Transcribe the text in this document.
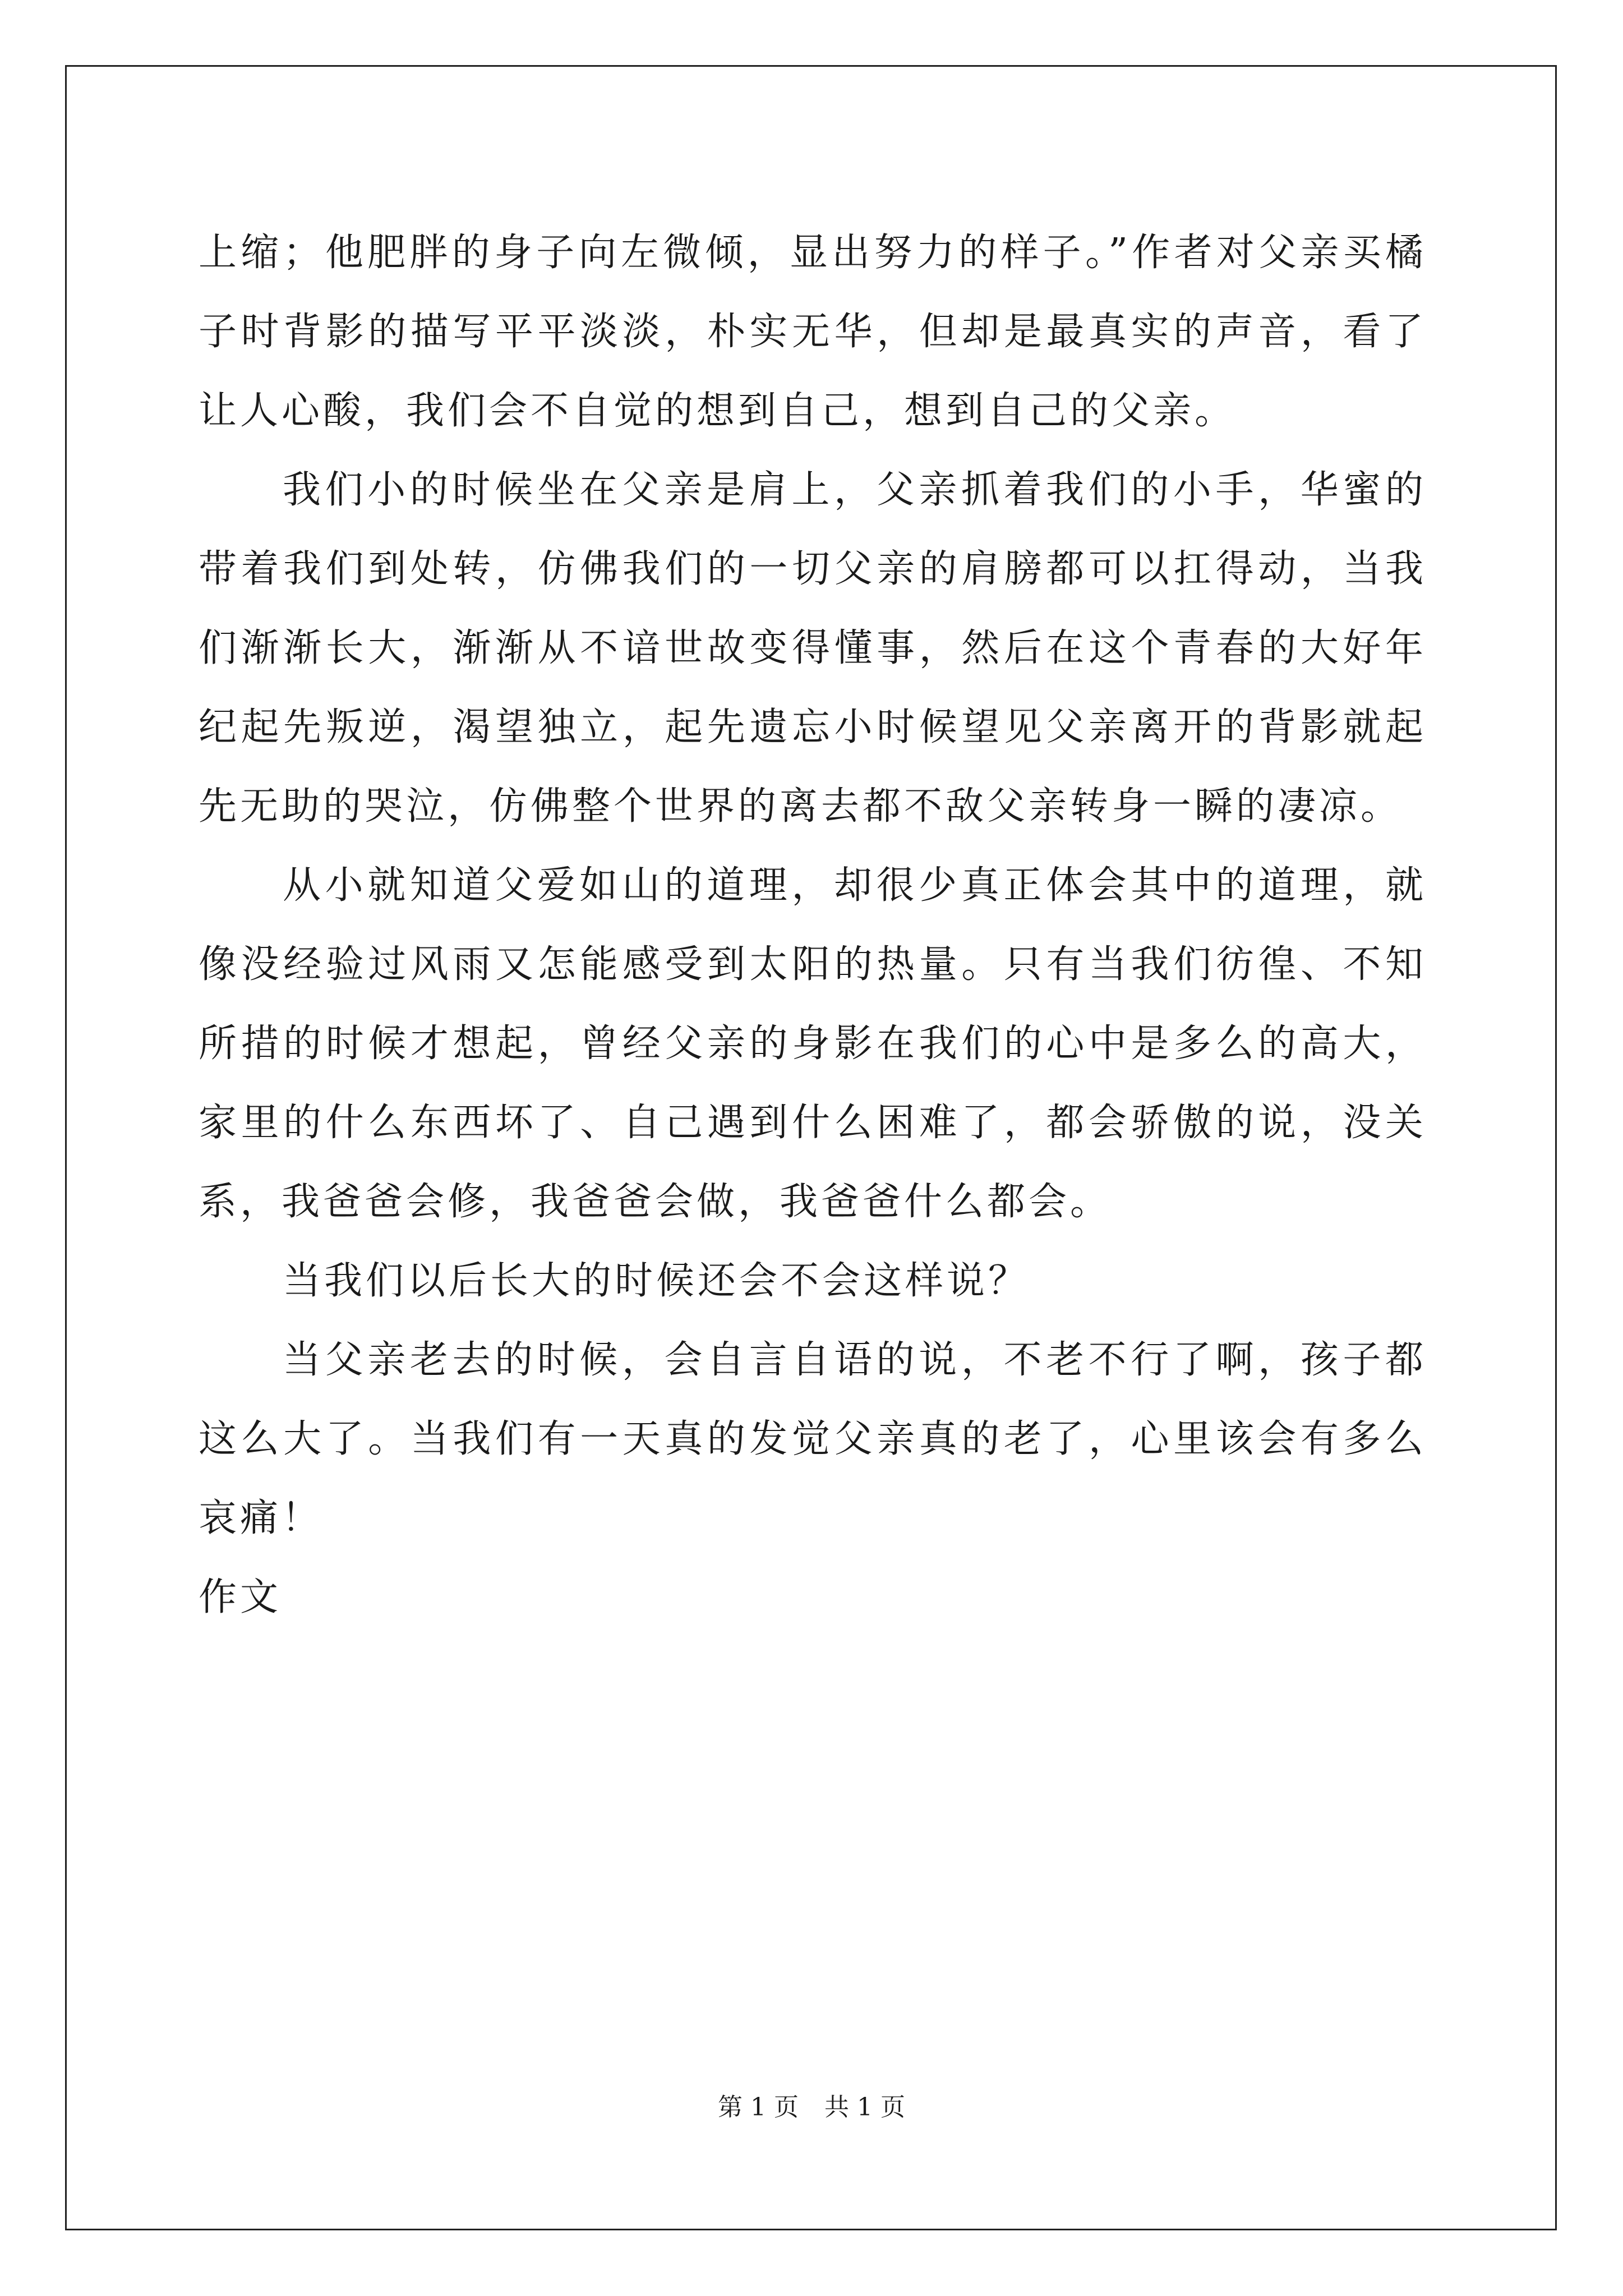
上缩；他肥胖的身子向左微倾，显出努力的样子。”作者对父亲买橘子时背影的描写平平淡淡，朴实无华，但却是最真实的声音，看了让人心酸，我们会不自觉的想到自己，想到自己的父亲。

我们小的时候坐在父亲是肩上，父亲抓着我们的小手，华蜜的带着我们到处转，仿佛我们的一切父亲的肩膀都可以扛得动，当我们渐渐长大，渐渐从不谙世故变得懂事，然后在这个青春的大好年纪起先叛逆，渴望独立，起先遗忘小时候望见父亲离开的背影就起先无助的哭泣，仿佛整个世界的离去都不敌父亲转身一瞬的凄凉。

从小就知道父爱如山的道理，却很少真正体会其中的道理，就像没经验过风雨又怎能感受到太阳的热量。只有当我们彷徨、不知所措的时候才想起，曾经父亲的身影在我们的心中是多么的高大，家里的什么东西坏了、自己遇到什么困难了，都会骄傲的说，没关系，我爸爸会修，我爸爸会做，我爸爸什么都会。

当我们以后长大的时候还会不会这样说？

当父亲老去的时候，会自言自语的说，不老不行了啊，孩子都这么大了。当我们有一天真的发觉父亲真的老了，心里该会有多么哀痛！

作文

第 1 页 共 1 页
